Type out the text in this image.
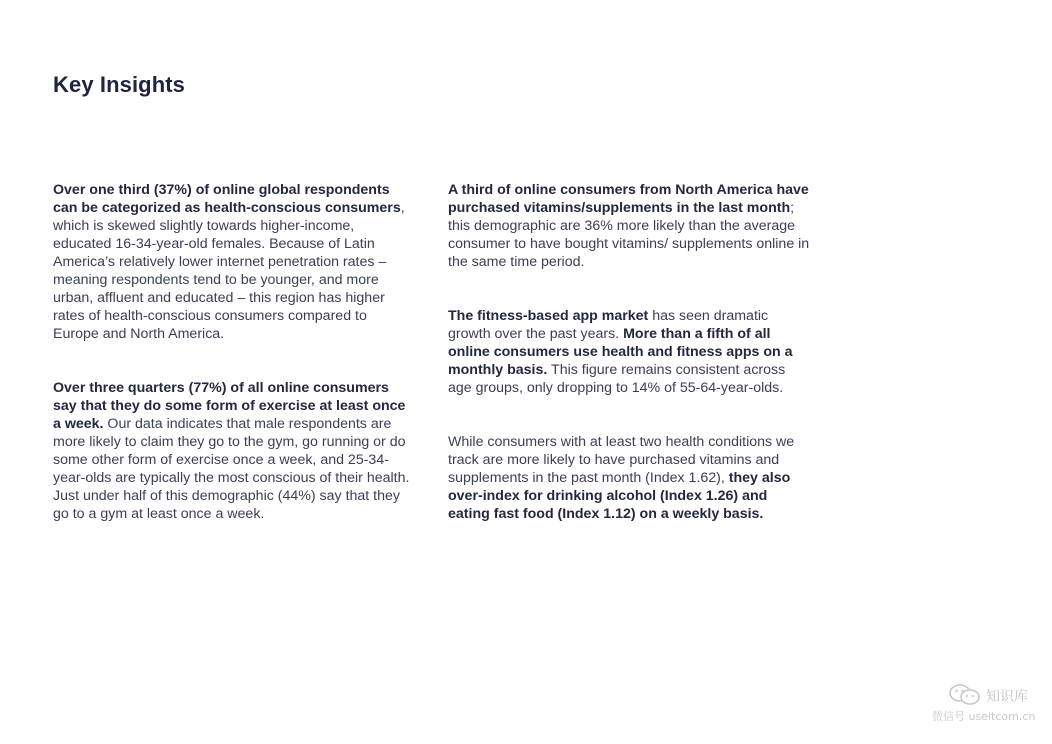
Key Insights

Over one third (37%) of online global respondents can be categorized as health-conscious consumers, which is skewed slightly towards higher-income, educated 16-34-year-old females. Because of Latin America’s relatively lower internet penetration rates – meaning respondents tend to be younger, and more urban, affluent and educated – this region has higher rates of health-conscious consumers compared to Europe and North America.

Over three quarters (77%) of all online consumers say that they do some form of exercise at least once a week. Our data indicates that male respondents are more likely to claim they go to the gym, go running or do some other form of exercise once a week, and 25-34-year-olds are typically the most conscious of their health. Just under half of this demographic (44%) say that they go to a gym at least once a week.

A third of online consumers from North America have purchased vitamins/supplements in the last month; this demographic are 36% more likely than the average consumer to have bought vitamins/ supplements online in the same time period.

The fitness-based app market has seen dramatic growth over the past years. More than a fifth of all online consumers use health and fitness apps on a monthly basis. This figure remains consistent across age groups, only dropping to 14% of 55-64-year-olds.

While consumers with at least two health conditions we track are more likely to have purchased vitamins and supplements in the past month (Index 1.62), they also over-index for drinking alcohol (Index 1.26) and eating fast food (Index 1.12) on a weekly basis.

知识库
微信号 useitcom.cn
